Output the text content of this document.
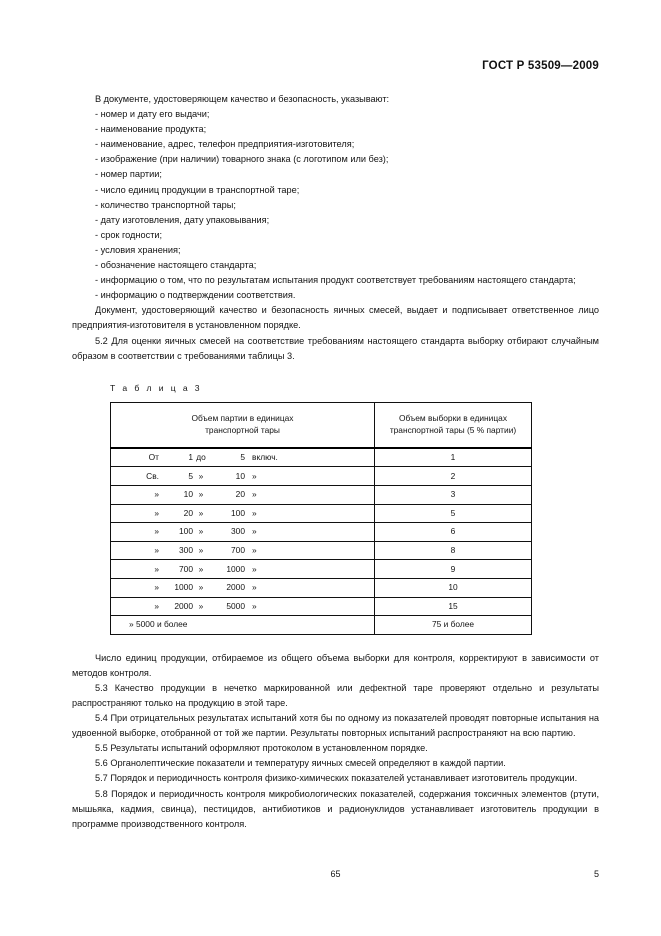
ГОСТ Р 53509—2009

В документе, удостоверяющем качество и безопасность, указывают:

- номер и дату его выдачи;

- наименование продукта;

- наименование, адрес, телефон предприятия-изготовителя;

- изображение (при наличии) товарного знака (с логотипом или без);

- номер партии;

- число единиц продукции в транспортной таре;

- количество транспортной тары;

- дату изготовления, дату упаковывания;

- срок годности;

- условия хранения;

- обозначение настоящего стандарта;

- информацию о том, что по результатам испытания продукт соответствует требованиям настоящего стандарта;

- информацию о подтверждении соответствия.

Документ, удостоверяющий качество и безопасность яичных смесей, выдает и подписывает ответственное лицо предприятия-изготовителя в установленном порядке.

5.2 Для оценки яичных смесей на соответствие требованиям настоящего стандарта выборку отбирают случайным образом в соответствии с требованиями таблицы 3.

Т а б л и ц а 3
Объем партии в единицах
транспортной тары	Объем выборки в единицах
транспортной тары (5 % партии)

От 1 до 5 включ.	1

Св. 5 » 10 »	2

» 10 » 20 »	3

» 20 » 100 »	5

» 100 » 300 »	6

» 300 » 700 »	8

» 700 » 1000 »	9

» 1000 » 2000 »	10

» 2000 » 5000 »	15
» 5000 и более	75 и более

Число единиц продукции, отбираемое из общего объема выборки для контроля, корректируют в зависимости от методов контроля.

5.3 Качество продукции в нечетко маркированной или дефектной таре проверяют отдельно и результаты распространяют только на продукцию в этой таре.

5.4 При отрицательных результатах испытаний хотя бы по одному из показателей проводят повторные испытания на удвоенной выборке, отобранной от той же партии. Результаты повторных испытаний распространяют на всю партию.

5.5 Результаты испытаний оформляют протоколом в установленном порядке.

5.6 Органолептические показатели и температуру яичных смесей определяют в каждой партии.

5.7 Порядок и периодичность контроля физико-химических показателей устанавливает изготовитель продукции.

5.8 Порядок и периодичность контроля микробиологических показателей, содержания токсичных элементов (ртути, мышьяка, кадмия, свинца), пестицидов, антибиотиков и радионуклидов устанавливает изготовитель продукции в программе производственного контроля.

65	5
